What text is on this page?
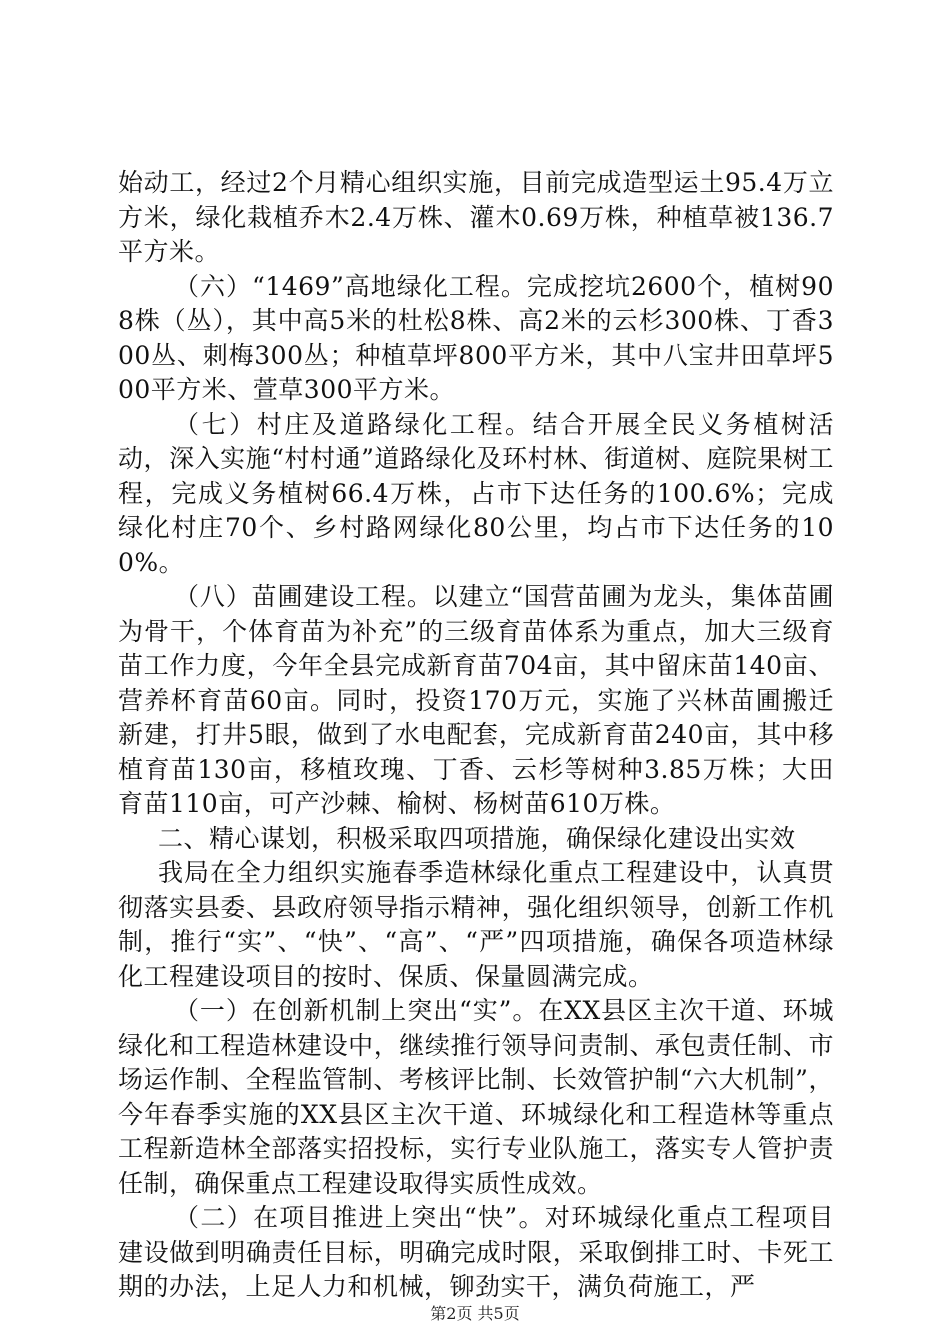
始动工，经过2个月精心组织实施，目前完成造型运土95.4万立方米，绿化栽植乔木2.4万株、灌木0.69万株，种植草被136.7平方米。

（六）“1469”高地绿化工程。完成挖坑2600个，植树908株（丛），其中高5米的杜松8株、高2米的云杉300株、丁香300丛、刺梅300丛；种植草坪800平方米，其中八宝井田草坪500平方米、萱草300平方米。

（七）村庄及道路绿化工程。结合开展全民义务植树活动，深入实施“村村通”道路绿化及环村林、街道树、庭院果树工程，完成义务植树66.4万株，占市下达任务的100.6%；完成绿化村庄70个、乡村路网绿化80公里，均占市下达任务的100%。

（八）苗圃建设工程。以建立“国营苗圃为龙头，集体苗圃为骨干，个体育苗为补充”的三级育苗体系为重点，加大三级育苗工作力度，今年全县完成新育苗704亩，其中留床苗140亩、营养杯育苗60亩。同时，投资170万元，实施了兴林苗圃搬迁新建，打井5眼，做到了水电配套，完成新育苗240亩，其中移植育苗130亩，移植玫瑰、丁香、云杉等树种3.85万株；大田育苗110亩，可产沙棘、榆树、杨树苗610万株。

二、精心谋划，积极采取四项措施，确保绿化建设出实效

我局在全力组织实施春季造林绿化重点工程建设中，认真贯彻落实县委、县政府领导指示精神，强化组织领导，创新工作机制，推行“实”、“快”、“高”、“严”四项措施，确保各项造林绿化工程建设项目的按时、保质、保量圆满完成。

（一）在创新机制上突出“实”。在XX县区主次干道、环城绿化和工程造林建设中，继续推行领导问责制、承包责任制、市场运作制、全程监管制、考核评比制、长效管护制“六大机制”，今年春季实施的XX县区主次干道、环城绿化和工程造林等重点工程新造林全部落实招投标，实行专业队施工，落实专人管护责任制，确保重点工程建设取得实质性成效。

（二）在项目推进上突出“快”。对环城绿化重点工程项目建设做到明确责任目标，明确完成时限，采取倒排工时、卡死工期的办法，上足人力和机械，铆劲实干，满负荷施工，严

第2页 共5页
